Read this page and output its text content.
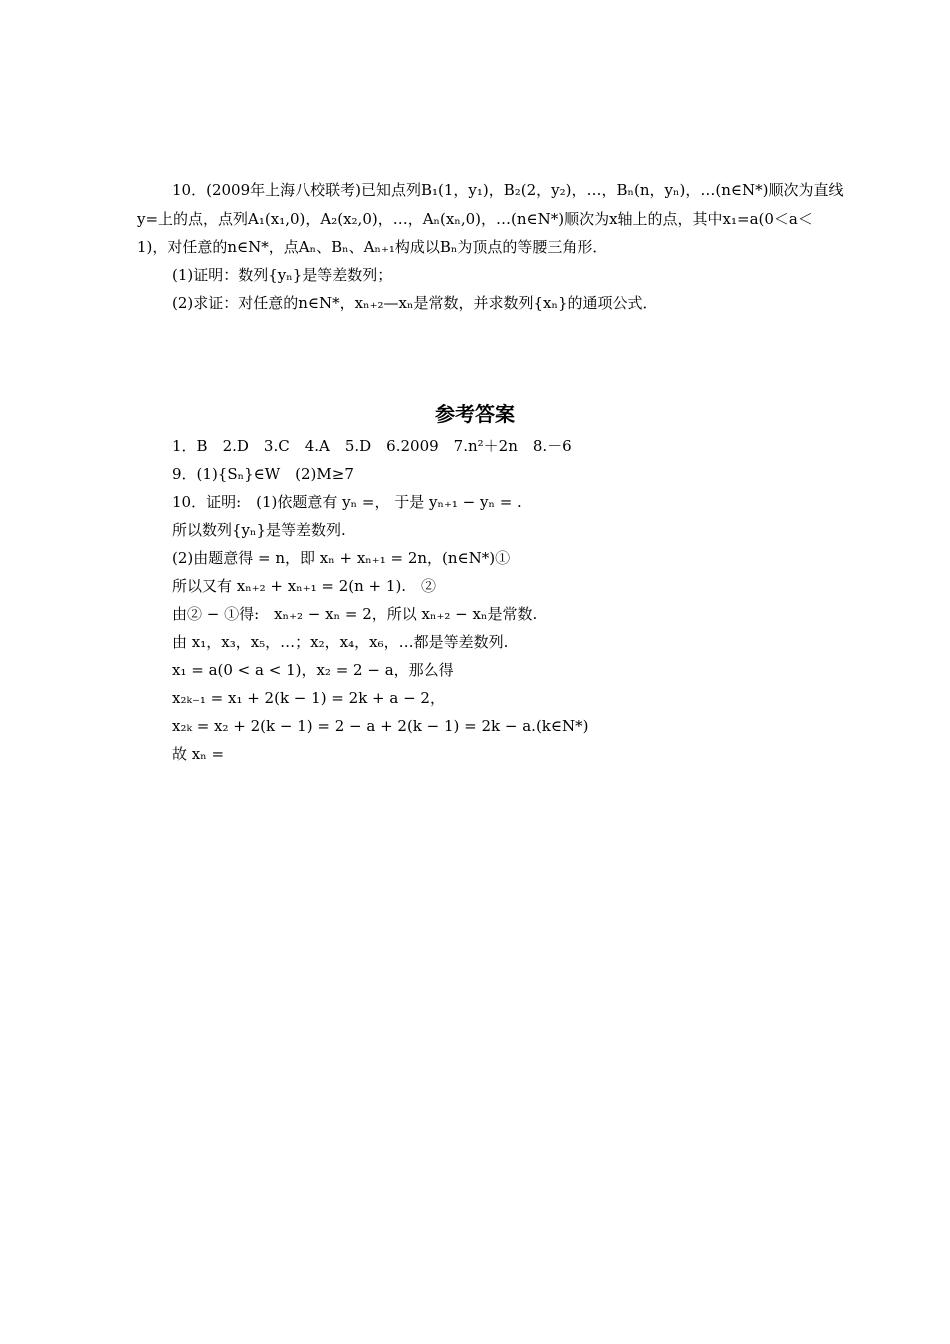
10．(2009年上海八校联考)已知点列B₁(1，y₁)，B₂(2，y₂)，…，Bₙ(n，yₙ)，…(n∈N*)顺次为直线
y=上的点，点列A₁(x₁,0)，A₂(x₂,0)，…，Aₙ(xₙ,0)，…(n∈N*)顺次为x轴上的点，其中x₁=a(0＜a＜
1)，对任意的n∈N*，点Aₙ、Bₙ、Aₙ₊₁构成以Bₙ为顶点的等腰三角形．
(1)证明：数列{yₙ}是等差数列；
(2)求证：对任意的n∈N*，xₙ₊₂—xₙ是常数，并求数列{xₙ}的通项公式．
参考答案
1．B　2.D　3.C　4.A　5.D　6.2009　7.n²＋2n　8.－6
9．(1){Sₙ}∈W　(2)M≥7
10．证明:　(1)依题意有 yₙ =， 于是 yₙ₊₁ − yₙ = .
所以数列{yₙ}是等差数列.
(2)由题意得 = n，即 xₙ + xₙ₊₁ = 2n，(n∈N*)①
所以又有 xₙ₊₂ + xₙ₊₁ = 2(n + 1).　②
由② − ①得:　xₙ₊₂ − xₙ = 2，所以 xₙ₊₂ − xₙ是常数.
由 x₁，x₃，x₅，…；x₂，x₄，x₆，…都是等差数列.
x₁ = a(0 < a < 1)，x₂ = 2 − a，那么得
x₂ₖ₋₁ = x₁ + 2(k − 1) = 2k + a − 2，
x₂ₖ = x₂ + 2(k − 1) = 2 − a + 2(k − 1) = 2k − a.(k∈N*)
故 xₙ =
